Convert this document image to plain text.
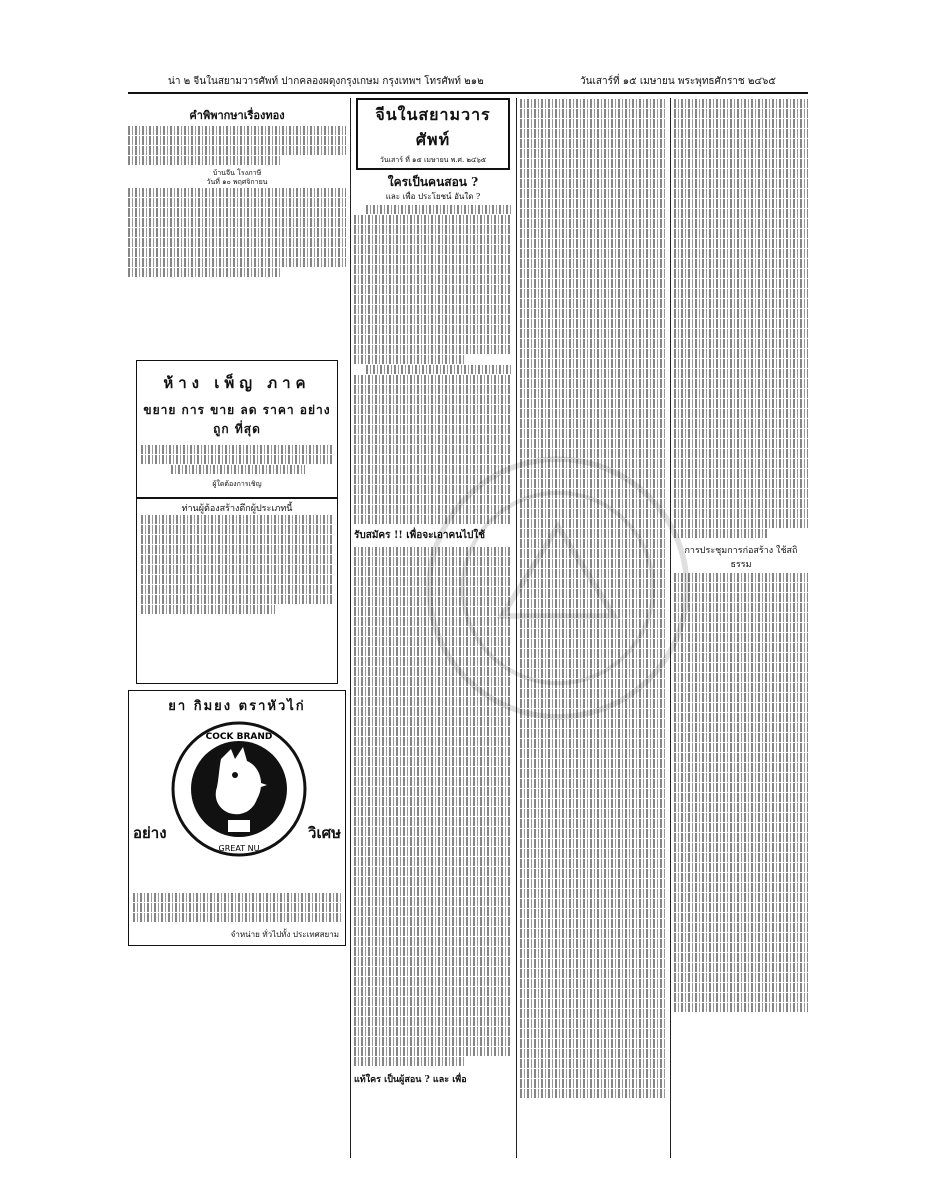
น่า ๒ จีนในสยามวารศัพท์ ปากคลองผดุงกรุงเกษม กรุงเทพฯ โทรศัพท์ ๒๑๒	วันเสาร์ที่ ๑๕ เมษายน พระพุทธศักราช ๒๔๖๕
คำพิพากษาเรื่องทอง
บ้านจีน โรงภาษี
วันที่ ๑๐ พฤศจิกายน
ห้าง เพ็ญ ภาค
ขยาย การ ขาย ลด ราคา อย่าง ถูก ที่สุด
ผู้ใดต้องการเชิญ
ท่านผู้ต้องสร้างตึกผู้ประเภทนี้
ยา กิมยง ตราหัวไก่
อย่าง	วิเศษ
COCK BRAND
GREAT NU
จำหน่าย ทั่วไปทั้ง ประเทศสยาม
จีนในสยามวารศัพท์
วันเสาร์ ที่ ๑๕ เมษายน พ.ศ. ๒๔๖๕
ใครเป็นคนสอน ?
และ เพื่อ ประโยชน์ อันใด ?
รับสมัคร !! เพื่อจะเอาคนไปใช้
แท้ใคร เป็นผู้สอน ? และ เพื่อ
การประชุมการก่อสร้าง ใช้สถิธรรม
